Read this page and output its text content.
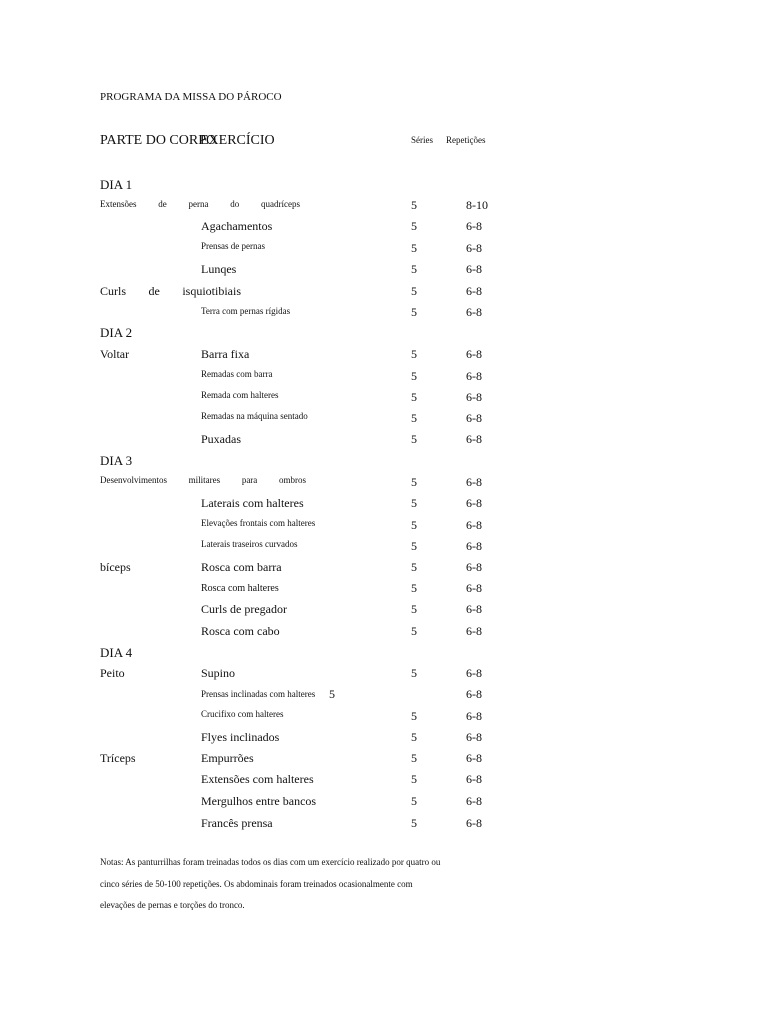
PROGRAMA DA MISSA DO PÁROCO
PARTE DO CORPO
EXERCÍCIO	Séries Repetições
DIA 1
DIA 2
DIA 3
DIA 4
Extensões de perna do quadríceps
Curls de isquiotibiais
Voltar
Desenvolvimentos militares para ombros
bíceps
Peito
Tríceps
Agachamentos
Prensas de pernas
Lunqes
Terra com pernas rígidas
Barra fixa
Remadas com barra
Remada com halteres
Remadas na máquina sentado
Puxadas
Laterais com halteres
Elevações frontais com halteres
Laterais traseiros curvados
Rosca com barra
Rosca com halteres
Curls de pregador
Rosca com cabo
Supino
Prensas inclinadas com halteres
Crucifixo com halteres
Flyes inclinados
Empurrões
Extensões com halteres
Mergulhos entre bancos
Francês prensa
5
5
5
5
5
5
5
5
5
5
5
5
5
5
5
5
5
5
5
5
5
5
5
5
5
5
5
8-10
6-8
6-8
6-8
6-8
6-8
6-8
6-8
6-8
6-8
6-8
6-8
6-8
6-8
6-8
6-8
6-8
6-8
6-8
6-8
6-8
6-8
6-8
6-8
6-8
6-8
6-8
Notas: As panturrilhas foram treinadas todos os dias com um exercício realizado por quatro ou
cinco séries de 50-100 repetições. Os abdominais foram treinados ocasionalmente com
elevações de pernas e torções do tronco.
